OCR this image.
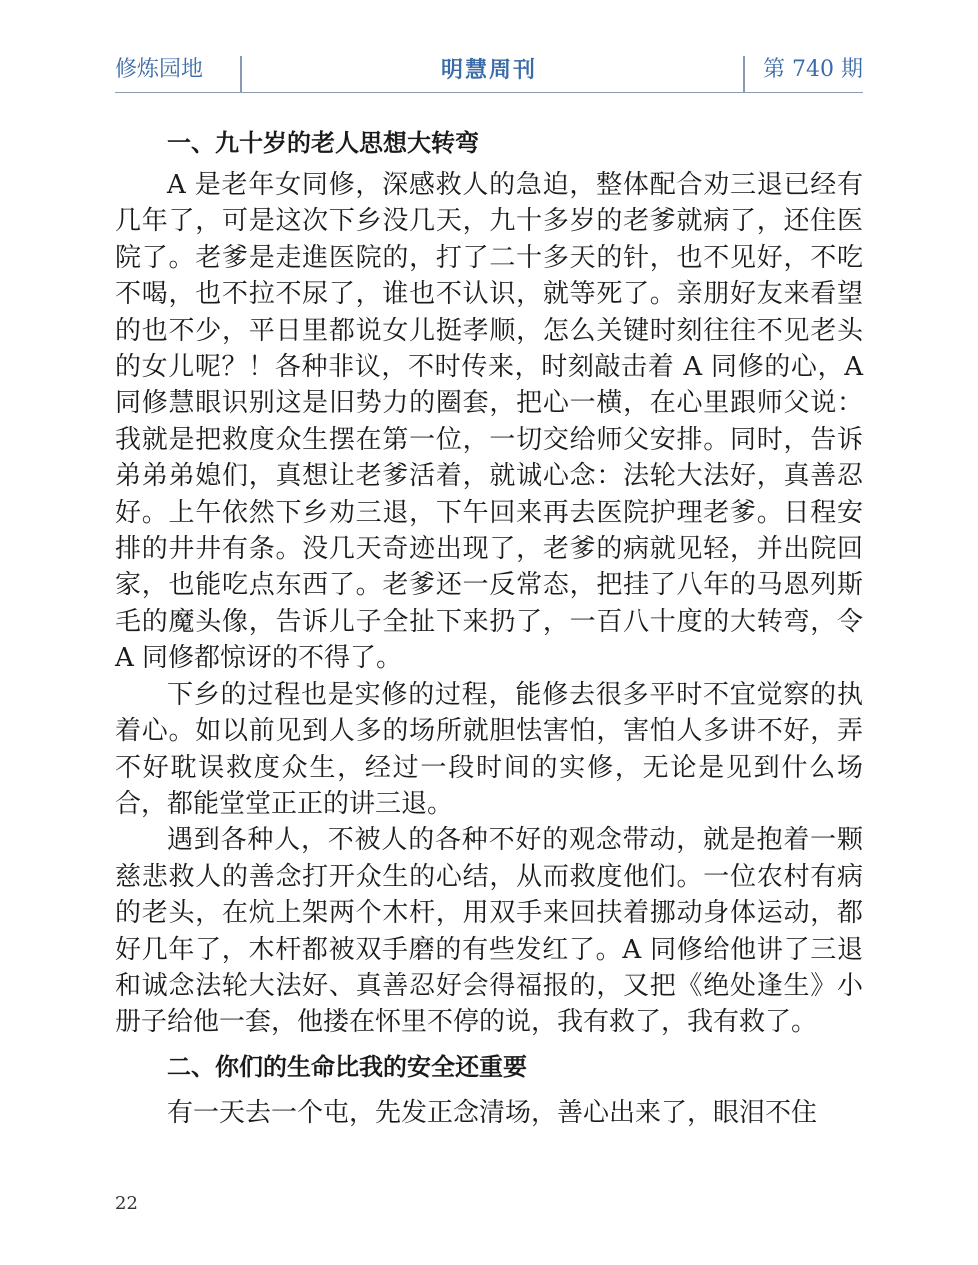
修炼园地	明慧周刊	第 740 期
一、九十岁的老人思想大转弯

A 是老年女同修，深感救人的急迫，整体配合劝三退已经有几年了，可是这次下乡没几天，九十多岁的老爹就病了，还住医院了。老爹是走進医院的，打了二十多天的针，也不见好，不吃不喝，也不拉不尿了，谁也不认识，就等死了。亲朋好友来看望的也不少，平日里都说女儿挺孝顺，怎么关键时刻往往不见老头的女儿呢？！各种非议，不时传来，时刻敲击着 A 同修的心，A 同修慧眼识别这是旧势力的圈套，把心一横，在心里跟师父说：我就是把救度众生摆在第一位，一切交给师父安排。同时，告诉弟弟弟媳们，真想让老爹活着，就诚心念：法轮大法好，真善忍好。上午依然下乡劝三退，下午回来再去医院护理老爹。日程安排的井井有条。没几天奇迹出现了，老爹的病就见轻，并出院回家，也能吃点东西了。老爹还一反常态，把挂了八年的马恩列斯毛的魔头像，告诉儿子全扯下来扔了，一百八十度的大转弯，令 A 同修都惊讶的不得了。

下乡的过程也是实修的过程，能修去很多平时不宜觉察的执着心。如以前见到人多的场所就胆怯害怕，害怕人多讲不好，弄不好耽误救度众生，经过一段时间的实修，无论是见到什么场合，都能堂堂正正的讲三退。

遇到各种人，不被人的各种不好的观念带动，就是抱着一颗慈悲救人的善念打开众生的心结，从而救度他们。一位农村有病的老头，在炕上架两个木杆，用双手来回扶着挪动身体运动，都好几年了，木杆都被双手磨的有些发红了。A 同修给他讲了三退和诚念法轮大法好、真善忍好会得福报的，又把《绝处逢生》小册子给他一套，他搂在怀里不停的说，我有救了，我有救了。

二、你们的生命比我的安全还重要

有一天去一个屯，先发正念清场，善心出来了，眼泪不住

22
